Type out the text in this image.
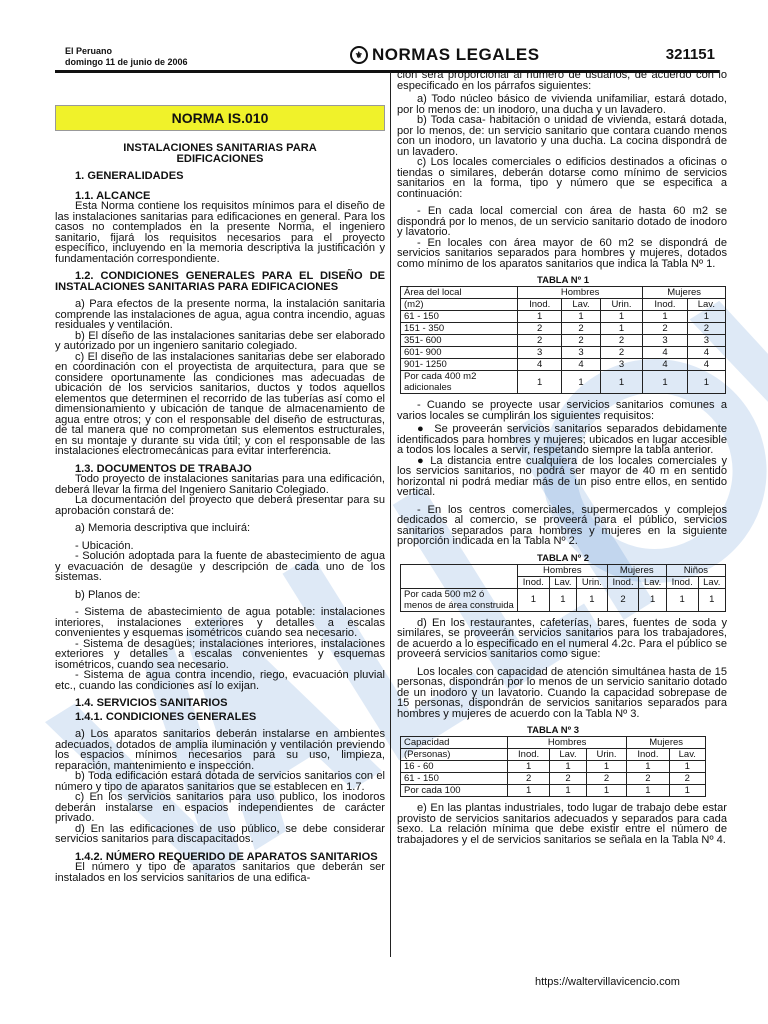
El Peruano
domingo 11 de junio de 2006
⚜ NORMAS LEGALES	321151
NORMA IS.010
INSTALACIONES SANITARIAS PARA
EDIFICACIONES
1. GENERALIDADES

1.1. ALCANCE

Esta Norma contiene los requisitos mínimos para el diseño de las instalaciones sanitarias para edificaciones en general. Para los casos no contemplados en la presente Norma, el ingeniero sanitario, fijará los requisitos necesarios para el proyecto específico, incluyendo en la memoria descriptiva la justificación y fundamentación correspondiente.

1.2. CONDICIONES GENERALES PARA EL DISEÑO DE INSTALACIONES SANITARIAS PARA EDIFICACIONES

a) Para efectos de la presente norma, la instalación sanitaria comprende las instalaciones de agua, agua contra incendio, aguas residuales y ventilación.

b) El diseño de las instalaciones sanitarias debe ser elaborado y autorizado por un ingeniero sanitario colegiado.

c) El diseño de las instalaciones sanitarias debe ser elaborado en coordinación con el proyectista de arquitectura, para que se considere oportunamente las condiciones mas adecuadas de ubicación de los servicios sanitarios, ductos y todos aquellos elementos que determinen el recorrido de las tuberías así como el dimensionamiento y ubicación de tanque de almacenamiento de agua entre otros; y con el responsable del diseño de estructuras, de tal manera que no comprometan sus elementos estructurales, en su montaje y durante su vida útil; y con el responsable de las instalaciones electromecánicas para evitar interferencia.

1.3. DOCUMENTOS DE TRABAJO

Todo proyecto de instalaciones sanitarias para una edificación, deberá llevar la firma del Ingeniero Sanitario Colegiado.

La documentación del proyecto que deberá presentar para su aprobación constará de:

a) Memoria descriptiva que incluirá:

- Ubicación.

- Solución adoptada para la fuente de abastecimiento de agua y evacuación de desagüe y descripción de cada uno de los sistemas.

b) Planos de:

- Sistema de abastecimiento de agua potable: instalaciones interiores, instalaciones exteriores y detalles a escalas convenientes y esquemas isométricos cuando sea necesario.

- Sistema de desagües; instalaciones interiores, instalaciones exteriores y detalles a escalas convenientes y esquemas isométricos, cuando sea necesario.

- Sistema de agua contra incendio, riego, evacuación pluvial etc., cuando las condiciones así lo exijan.

1.4. SERVICIOS SANITARIOS

1.4.1. CONDICIONES GENERALES

a) Los aparatos sanitarios deberán instalarse en ambientes adecuados, dotados de amplia iluminación y ventilación previendo los espacios mínimos necesarios para su uso, limpieza, reparación, mantenimiento e inspección.

b) Toda edificación estará dotada de servicios sanitarios con el número y tipo de aparatos sanitarios que se establecen en 1.7.

c) En los servicios sanitarios para uso publico, los inodoros deberán instalarse en espacios independientes de carácter privado.

d) En las edificaciones de uso público, se debe considerar servicios sanitarios para discapacitados.

1.4.2. NÚMERO REQUERIDO DE APARATOS SANITARIOS

El número y tipo de aparatos sanitarios que deberán ser instalados en los servicios sanitarios de una edifica-

ción será proporcional al número de usuarios, de acuerdo con lo especificado en los párrafos siguientes:

a) Todo núcleo básico de vivienda unifamiliar, estará dotado, por lo menos de: un inodoro, una ducha y un lavadero.

b) Toda casa- habitación o unidad de vivienda, estará dotada, por lo menos, de: un servicio sanitario que contara cuando menos con un inodoro, un lavatorio y una ducha. La cocina dispondrá de un lavadero.

c) Los locales comerciales o edificios destinados a oficinas o tiendas o similares, deberán dotarse como mínimo de servicios sanitarios en la forma, tipo y número que se especifica a continuación:

- En cada local comercial con área de hasta 60 m2 se dispondrá por lo menos, de un servicio sanitario dotado de inodoro y lavatorio.

- En locales con área mayor de 60 m2 se dispondrá de servicios sanitarios separados para hombres y mujeres, dotados como mínimo de los aparatos sanitarios que indica la Tabla Nº 1.

TABLA Nº 1					
Área del local	Hombres			Mujeres	
(m2)	Inod.	Lav.	Urin.	Inod.	Lav.
61 - 150	1	1	1	1	1
151 - 350	2	2	1	2	2
351- 600	2	2	2	3	3
601- 900	3	3	2	4	4
901- 1250	4	4	3	4	4
Por cada 400 m2 adicionales	1	1	1	1	1

- Cuando se proyecte usar servicios sanitarios comunes a varios locales se cumplirán los siguientes requisitos:

● Se proveerán servicios sanitarios separados debidamente identificados para hombres y mujeres; ubicados en lugar accesible a todos los locales a servir, respetando siempre la tabla anterior.

● La distancia entre cualquiera de los locales comerciales y los servicios sanitarios, no podrá ser mayor de 40 m en sentido horizontal ni podrá mediar más de un piso entre ellos, en sentido vertical.

- En los centros comerciales, supermercados y complejos dedicados al comercio, se proveerá para el público, servicios sanitarios separados para hombres y mujeres en la siguiente proporción indicada en la Tabla Nº 2.

TABLA Nº 2							
	Hombres			Mujeres		Niños	
	Inod.	Lav.	Urin.	Inod.	Lav.	Inod.	Lav.
Por cada 500 m2 ó menos de área construida	1	1	1	2	1	1	1

d) En los restaurantes, cafeterías, bares, fuentes de soda y similares, se proveerán servicios sanitarios para los trabajadores, de acuerdo a lo especificado en el numeral 4.2c. Para el público se proveerá servicios sanitarios como sigue:

Los locales con capacidad de atención simultánea hasta de 15 personas, dispondrán por lo menos de un servicio sanitario dotado de un inodoro y un lavatorio. Cuando la capacidad sobrepase de 15 personas, dispondrán de servicios sanitarios separados para hombres y mujeres de acuerdo con la Tabla Nº 3.

TABLA Nº 3					
Capacidad	Hombres			Mujeres	
(Personas)	Inod.	Lav.	Urin.	Inod.	Lav.
16 - 60	1	1	1	1	1
61 - 150	2	2	2	2	2
Por cada 100	1	1	1	1	1

e) En las plantas industriales, todo lugar de trabajo debe estar provisto de servicios sanitarios adecuados y separados para cada sexo. La relación mínima que debe existir entre el número de trabajadores y el de servicios sanitarios se señala en la Tabla Nº 4.

https://waltervillavicencio.com
